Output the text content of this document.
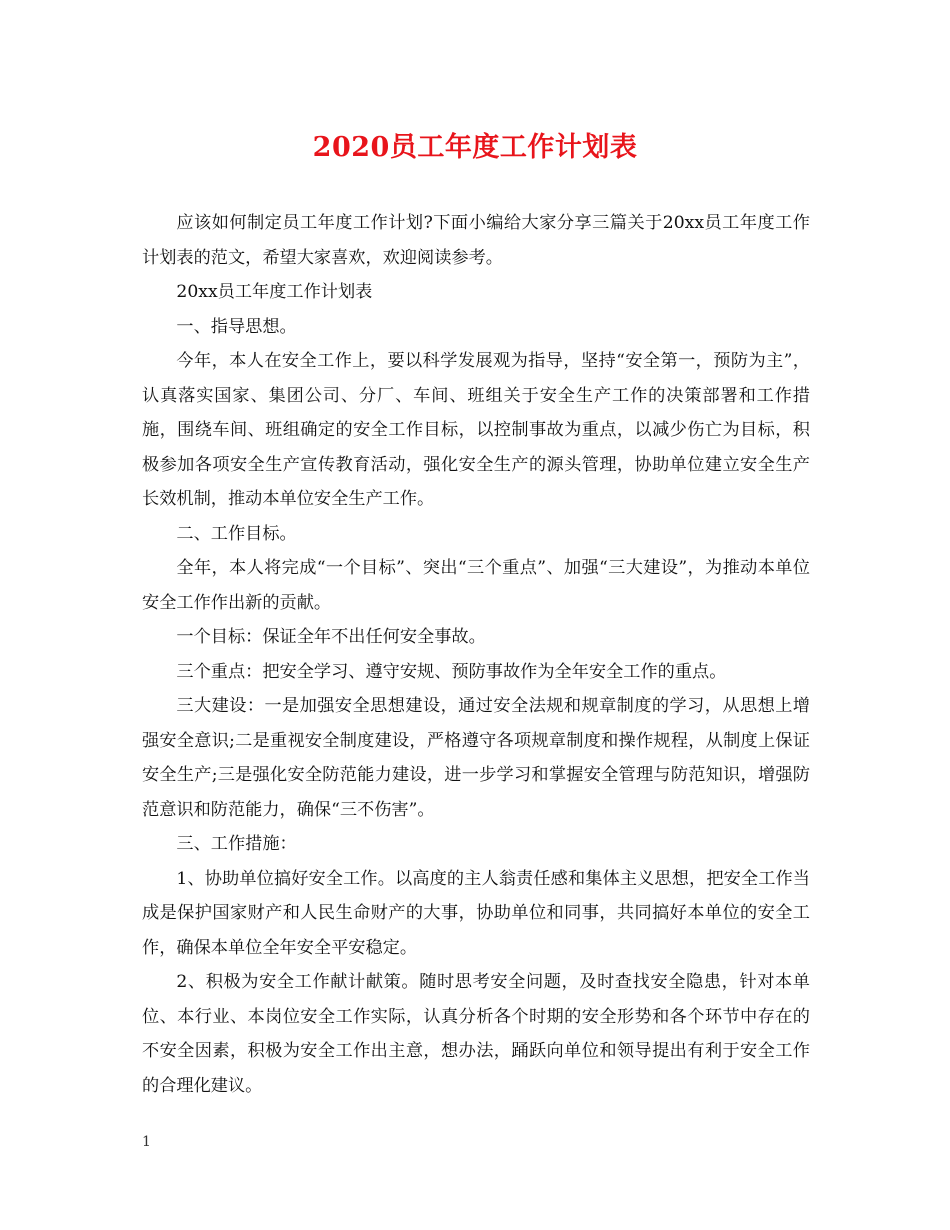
2020员工年度工作计划表

应该如何制定员工年度工作计划?下面小编给大家分享三篇关于20xx员工年度工作计划表的范文，希望大家喜欢，欢迎阅读参考。

20xx员工年度工作计划表

一、指导思想。

今年，本人在安全工作上，要以科学发展观为指导，坚持“安全第一，预防为主”，认真落实国家、集团公司、分厂、车间、班组关于安全生产工作的决策部署和工作措施，围绕车间、班组确定的安全工作目标，以控制事故为重点，以减少伤亡为目标，积极参加各项安全生产宣传教育活动，强化安全生产的源头管理，协助单位建立安全生产长效机制，推动本单位安全生产工作。

二、工作目标。

全年，本人将完成“一个目标”、突出“三个重点”、加强“三大建设”，为推动本单位安全工作作出新的贡献。

一个目标：保证全年不出任何安全事故。

三个重点：把安全学习、遵守安规、预防事故作为全年安全工作的重点。

三大建设：一是加强安全思想建设，通过安全法规和规章制度的学习，从思想上增强安全意识;二是重视安全制度建设，严格遵守各项规章制度和操作规程，从制度上保证安全生产;三是强化安全防范能力建设，进一步学习和掌握安全管理与防范知识，增强防范意识和防范能力，确保“三不伤害”。

三、工作措施：

1、协助单位搞好安全工作。以高度的主人翁责任感和集体主义思想，把安全工作当成是保护国家财产和人民生命财产的大事，协助单位和同事，共同搞好本单位的安全工作，确保本单位全年安全平安稳定。

2、积极为安全工作献计献策。随时思考安全问题，及时查找安全隐患，针对本单位、本行业、本岗位安全工作实际，认真分析各个时期的安全形势和各个环节中存在的不安全因素，积极为安全工作出主意，想办法，踊跃向单位和领导提出有利于安全工作的合理化建议。

1
